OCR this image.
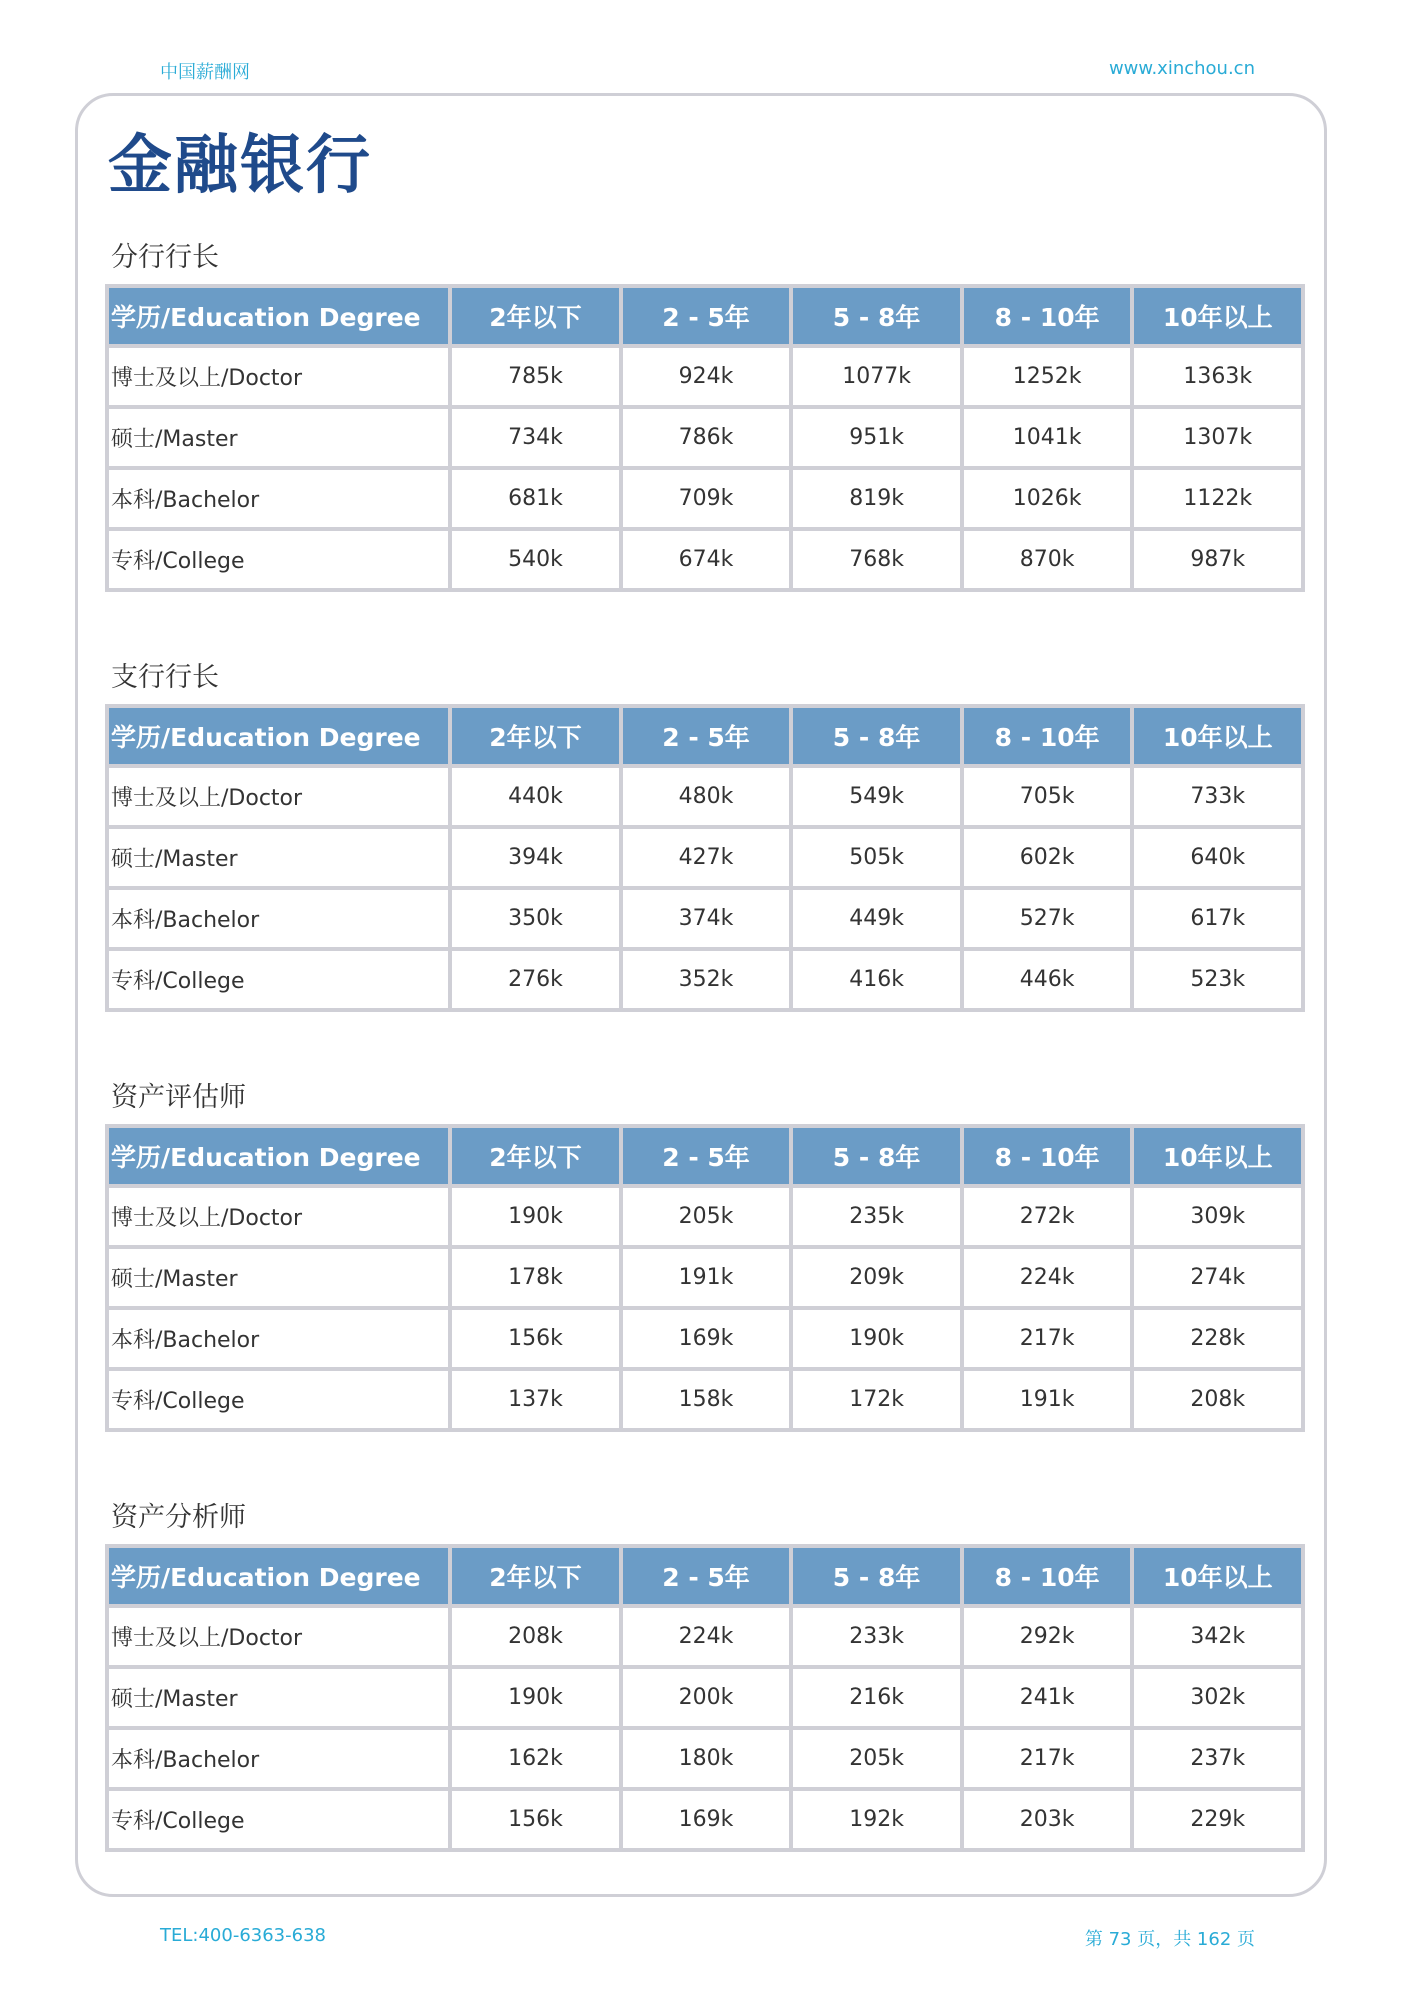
中国薪酬网	www.xinchou.cn
金融银行
分行行长
学历/Education Degree	2年以下	2 - 5年	5 - 8年	8 - 10年	10年以上
博士及以上/Doctor	785k	924k	1077k	1252k	1363k
硕士/Master	734k	786k	951k	1041k	1307k
本科/Bachelor	681k	709k	819k	1026k	1122k
专科/College	540k	674k	768k	870k	987k
支行行长
学历/Education Degree	2年以下	2 - 5年	5 - 8年	8 - 10年	10年以上
博士及以上/Doctor	440k	480k	549k	705k	733k
硕士/Master	394k	427k	505k	602k	640k
本科/Bachelor	350k	374k	449k	527k	617k
专科/College	276k	352k	416k	446k	523k
资产评估师
学历/Education Degree	2年以下	2 - 5年	5 - 8年	8 - 10年	10年以上
博士及以上/Doctor	190k	205k	235k	272k	309k
硕士/Master	178k	191k	209k	224k	274k
本科/Bachelor	156k	169k	190k	217k	228k
专科/College	137k	158k	172k	191k	208k
资产分析师
学历/Education Degree	2年以下	2 - 5年	5 - 8年	8 - 10年	10年以上
博士及以上/Doctor	208k	224k	233k	292k	342k
硕士/Master	190k	200k	216k	241k	302k
本科/Bachelor	162k	180k	205k	217k	237k
专科/College	156k	169k	192k	203k	229k
TEL:400-6363-638	第 73 页，共 162 页
